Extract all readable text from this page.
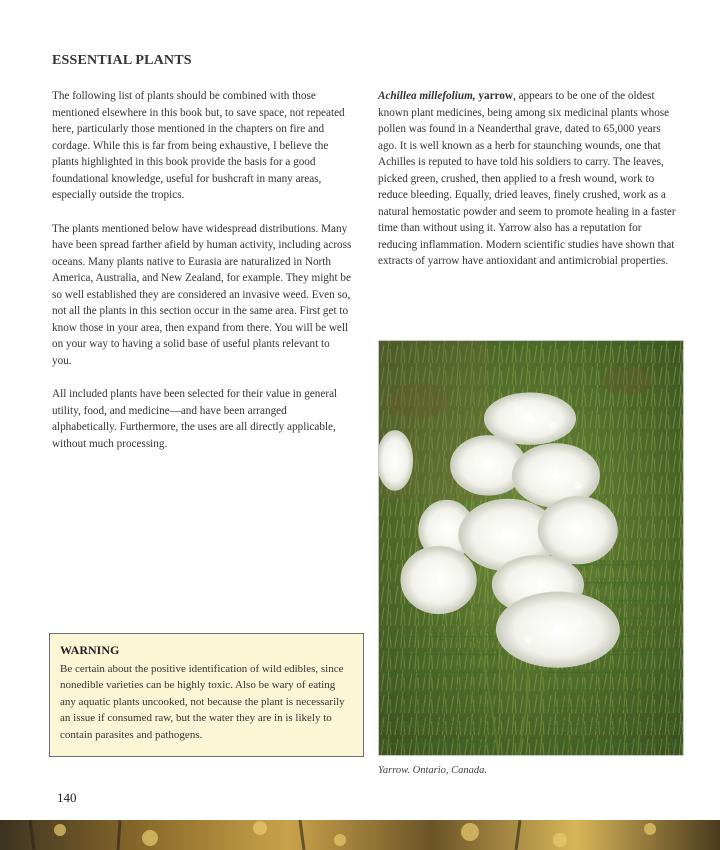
ESSENTIAL PLANTS

The following list of plants should be combined with those mentioned elsewhere in this book but, to save space, not repeated here, particularly those mentioned in the chapters on fire and cordage. While this is far from being exhaustive, I believe the plants highlighted in this book provide the basis for a good foundational knowledge, useful for bushcraft in many areas, especially outside the tropics.

The plants mentioned below have widespread distributions. Many have been spread farther afield by human activity, including across oceans. Many plants native to Eurasia are naturalized in North America, Australia, and New Zealand, for example. They might be so well established they are considered an invasive weed. Even so, not all the plants in this section occur in the same area. First get to know those in your area, then expand from there. You will be well on your way to having a solid base of useful plants relevant to you.

All included plants have been selected for their value in general utility, food, and medicine—and have been arranged alphabetically. Furthermore, the uses are all directly applicable, without much processing.

Achillea millefolium, yarrow, appears to be one of the oldest known plant medicines, being among six medicinal plants whose pollen was found in a Neanderthal grave, dated to 65,000 years ago. It is well known as a herb for staunching wounds, one that Achilles is reputed to have told his soldiers to carry. The leaves, picked green, crushed, then applied to a fresh wound, work to reduce bleeding. Equally, dried leaves, finely crushed, work as a natural hemostatic powder and seem to promote healing in a faster time than without using it. Yarrow also has a reputation for reducing inflammation. Modern scientific studies have shown that extracts of yarrow have antioxidant and antimicrobial properties.

Yarrow. Ontario, Canada.
WARNING
Be certain about the positive identification of wild edibles, since nonedible varieties can be highly toxic. Also be wary of eating any aquatic plants uncooked, not because the plant is necessarily an issue if consumed raw, but the water they are in is likely to contain parasites and pathogens.
140
